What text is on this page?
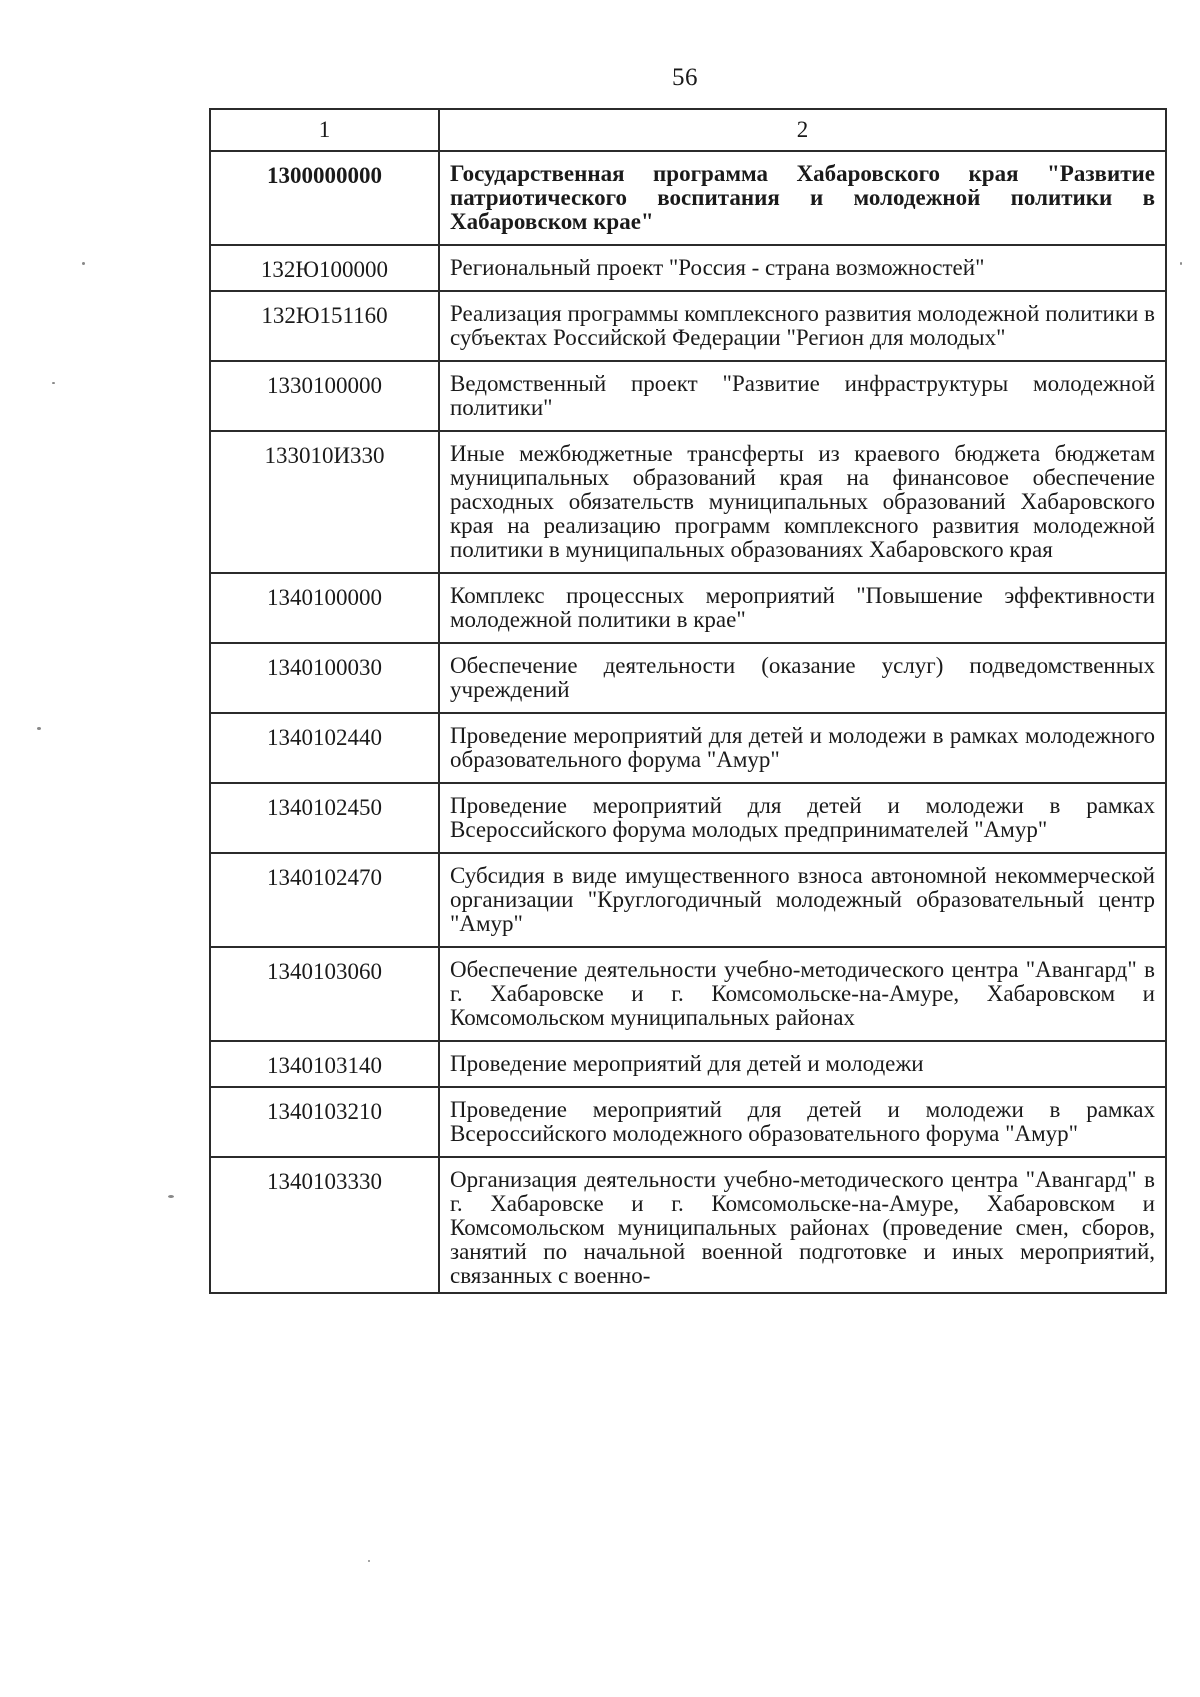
56
1	2
1300000000	Государственная программа Хабаровского края "Развитие патриотического воспитания и молодежной политики в Хабаровском крае"
132Ю100000	Региональный проект "Россия - страна возможностей"
132Ю151160	Реализация программы комплексного развития молодежной политики в субъектах Российской Федерации "Регион для молодых"
1330100000	Ведомственный проект "Развитие инфраструктуры молодежной политики"
133010И330	Иные межбюджетные трансферты из краевого бюджета бюджетам муниципальных образований края на финансовое обеспечение расходных обязательств муниципальных образований Хабаровского края на реализацию программ комплексного развития молодежной политики в муниципальных образованиях Хабаровского края
1340100000	Комплекс процессных мероприятий "Повышение эффективности молодежной политики в крае"
1340100030	Обеспечение деятельности (оказание услуг) подведомственных учреждений
1340102440	Проведение мероприятий для детей и молодежи в рамках молодежного образовательного форума "Амур"
1340102450	Проведение мероприятий для детей и молодежи в рамках Всероссийского форума молодых предпринимателей "Амур"
1340102470	Субсидия в виде имущественного взноса автономной некоммерческой организации "Круглогодичный молодежный образовательный центр "Амур"
1340103060	Обеспечение деятельности учебно-методического центра "Авангард" в г. Хабаровске и г. Комсомольске-на-Амуре, Хабаровском и Комсомольском муниципальных районах
1340103140	Проведение мероприятий для детей и молодежи
1340103210	Проведение мероприятий для детей и молодежи в рамках Всероссийского молодежного образовательного форума "Амур"
1340103330	Организация деятельности учебно-методического центра "Авангард" в г. Хабаровске и г. Комсомольске-на-Амуре, Хабаровском и Комсомольском муниципальных районах (проведение смен, сборов, занятий по начальной военной подготовке и иных мероприятий, связанных с военно-
